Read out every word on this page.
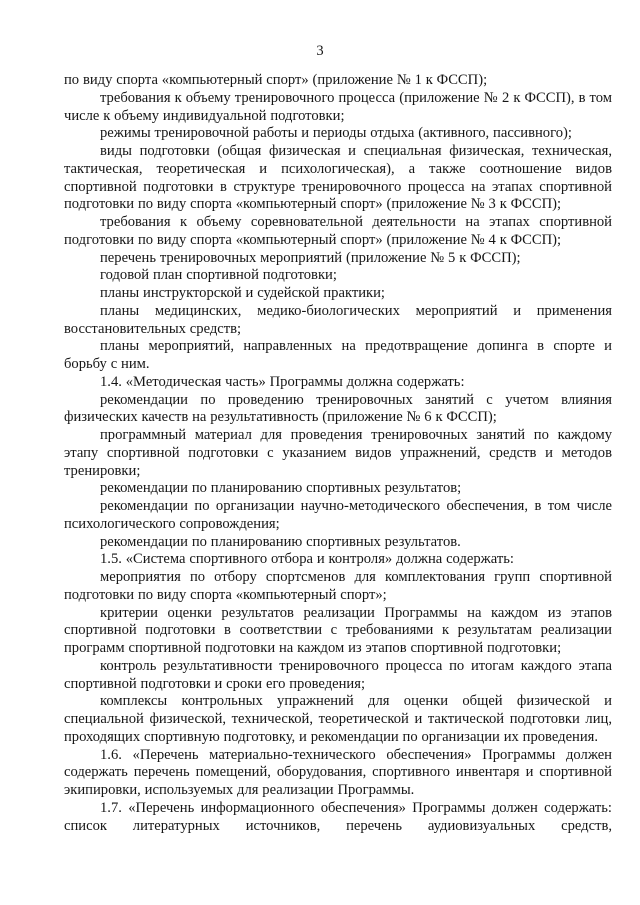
3

по виду спорта «компьютерный спорт» (приложение № 1 к ФССП);

требования к объему тренировочного процесса (приложение № 2 к ФССП), в том числе к объему индивидуальной подготовки;

режимы тренировочной работы и периоды отдыха (активного, пассивного);

виды подготовки (общая физическая и специальная физическая, техническая, тактическая, теоретическая и психологическая), а также соотношение видов спортивной подготовки в структуре тренировочного процесса на этапах спортивной подготовки по виду спорта «компьютерный спорт» (приложение № 3 к ФССП);

требования к объему соревновательной деятельности на этапах спортивной подготовки по виду спорта «компьютерный спорт» (приложение № 4 к ФССП);

перечень тренировочных мероприятий (приложение № 5 к ФССП);

годовой план спортивной подготовки;

планы инструкторской и судейской практики;

планы медицинских, медико-биологических мероприятий и применения восстановительных средств;

планы мероприятий, направленных на предотвращение допинга в спорте и борьбу с ним.

1.4. «Методическая часть» Программы должна содержать:

рекомендации по проведению тренировочных занятий с учетом влияния физических качеств на результативность (приложение № 6 к ФССП);

программный материал для проведения тренировочных занятий по каждому этапу спортивной подготовки с указанием видов упражнений, средств и методов тренировки;

рекомендации по планированию спортивных результатов;

рекомендации по организации научно-методического обеспечения, в том числе психологического сопровождения;

рекомендации по планированию спортивных результатов.

1.5. «Система спортивного отбора и контроля» должна содержать:

мероприятия по отбору спортсменов для комплектования групп спортивной подготовки по виду спорта «компьютерный спорт»;

критерии оценки результатов реализации Программы на каждом из этапов спортивной подготовки в соответствии с требованиями к результатам реализации программ спортивной подготовки на каждом из этапов спортивной подготовки;

контроль результативности тренировочного процесса по итогам каждого этапа спортивной подготовки и сроки его проведения;

комплексы контрольных упражнений для оценки общей физической и специальной физической, технической, теоретической и тактической подготовки лиц, проходящих спортивную подготовку, и рекомендации по организации их проведения.

1.6. «Перечень материально-технического обеспечения» Программы должен содержать перечень помещений, оборудования, спортивного инвентаря и спортивной экипировки, используемых для реализации Программы.

1.7. «Перечень информационного обеспечения» Программы должен содержать: список литературных источников, перечень аудиовизуальных средств,
